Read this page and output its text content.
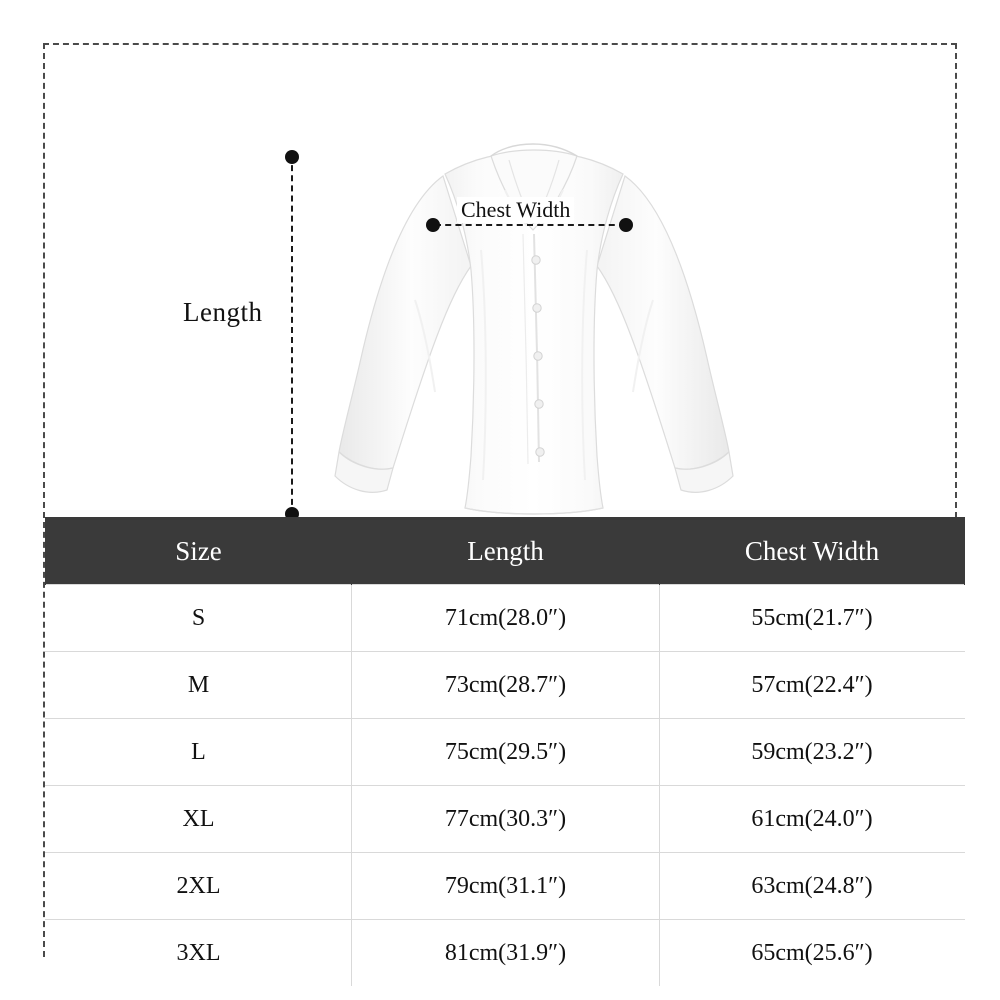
Length
Chest Width
Size	Length	Chest Width
S	71cm(28.0″)	55cm(21.7″)
M	73cm(28.7″)	57cm(22.4″)
L	75cm(29.5″)	59cm(23.2″)
XL	77cm(30.3″)	61cm(24.0″)
2XL	79cm(31.1″)	63cm(24.8″)
3XL	81cm(31.9″)	65cm(25.6″)
